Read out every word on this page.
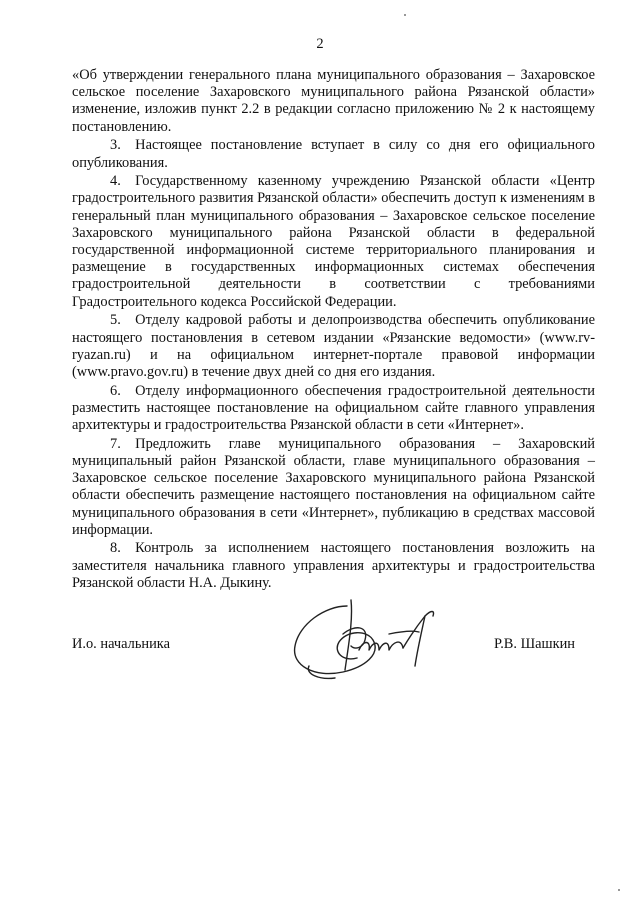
2

«Об утверждении генерального плана муниципального образования – Захаровское сельское поселение Захаровского муниципального района Рязанской области» изменение, изложив пункт 2.2 в редакции согласно приложению № 2 к настоящему постановлению.

3. Настоящее постановление вступает в силу со дня его официального опубликования.

4. Государственному казенному учреждению Рязанской области «Центр градостроительного развития Рязанской области» обеспечить доступ к изменениям в генеральный план муниципального образования – Захаровское сельское поселение Захаровского муниципального района Рязанской области в федеральной государственной информационной системе территориального планирования и размещение в государственных информационных системах обеспечения градостроительной деятельности в соответствии с требованиями Градостроительного кодекса Российской Федерации.

5. Отделу кадровой работы и делопроизводства обеспечить опубликование настоящего постановления в сетевом издании «Рязанские ведомости» (www.rv-ryazan.ru) и на официальном интернет-портале правовой информации (www.pravo.gov.ru) в течение двух дней со дня его издания.

6. Отделу информационного обеспечения градостроительной деятельности разместить настоящее постановление на официальном сайте главного управления архитектуры и градостроительства Рязанской области в сети «Интернет».

7. Предложить главе муниципального образования – Захаровский муниципальный район Рязанской области, главе муниципального образования – Захаровское сельское поселение Захаровского муниципального района Рязанской области обеспечить размещение настоящего постановления на официальном сайте муниципального образования в сети «Интернет», публикацию в средствах массовой информации.

8. Контроль за исполнением настоящего постановления возложить на заместителя начальника главного управления архитектуры и градостроительства Рязанской области Н.А. Дыкину.

И.о. начальника	Р.В. Шашкин
